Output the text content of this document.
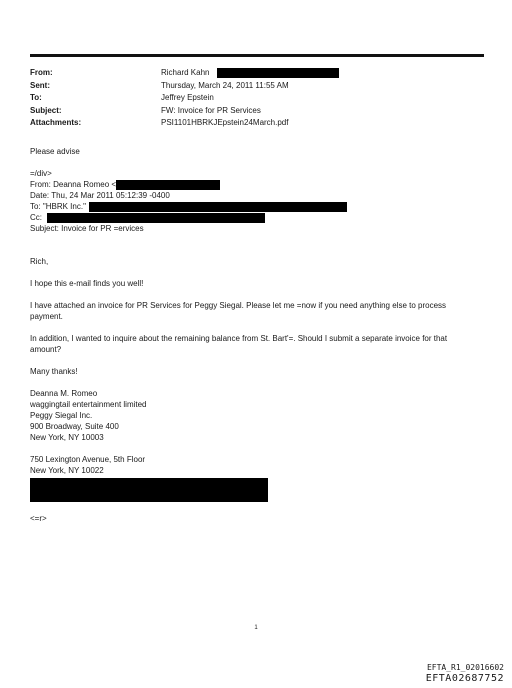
From:	Richard Kahn
Sent:	Thursday, March 24, 2011 11:55 AM
To:	Jeffrey Epstein
Subject:	FW: Invoice for PR Services
Attachments:	PSI1101HBRKJEpstein24March.pdf

Please advise

=/div>

From: Deanna Romeo <

Date: Thu, 24 Mar 2011 05:12:39 -0400

To: "HBRK Inc."

Cc:

Subject: Invoice for PR =ervices

Rich,

I hope this e-mail finds you well!

I have attached an invoice for PR Services for Peggy Siegal. Please let me =now if you need anything else to process

payment.

In addition, I wanted to inquire about the remaining balance from St. Bart'=. Should I submit a separate invoice for that

amount?

Many thanks!

Deanna M. Romeo

waggingtail entertainment limited

Peggy Siegal Inc.

900 Broadway, Suite 400

New York, NY 10003

750 Lexington Avenue, 5th Floor

New York, NY 10022

<=r>

1
EFTA_R1_02016602
EFTA02687752
